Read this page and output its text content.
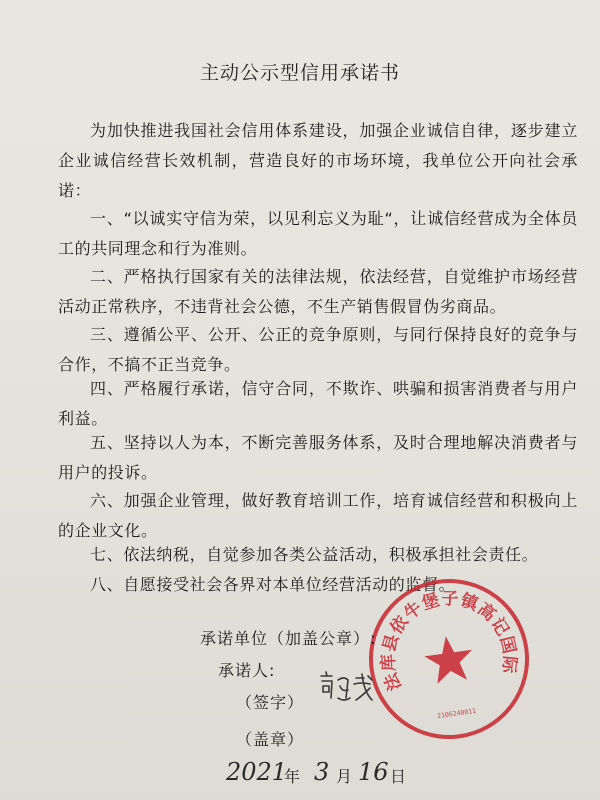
主动公示型信用承诺书

为加快推进我国社会信用体系建设，加强企业诚信自律，逐步建立企业诚信经营长效机制，营造良好的市场环境，我单位公开向社会承诺：

一、“以诚实守信为荣，以见利忘义为耻“，让诚信经营成为全体员工的共同理念和行为准则。

二、严格执行国家有关的法律法规，依法经营，自觉维护市场经营活动正常秩序，不违背社会公德，不生产销售假冒伪劣商品。

三、遵循公平、公开、公正的竞争原则，与同行保持良好的竞争与合作，不搞不正当竞争。

四、严格履行承诺，信守合同，不欺诈、哄骗和损害消费者与用户利益。

五、坚持以人为本，不断完善服务体系，及时合理地解决消费者与用户的投诉。

六、加强企业管理，做好教育培训工作，培育诚信经营和积极向上的企业文化。

七、依法纳税，自觉参加各类公益活动，积极承担社会责任。

八、自愿接受社会各界对本单位经营活动的监督。

辽宁省法库县依牛堡子镇高记国际旅行社
2106240011
承诺单位（加盖公章）:
承诺人:
（签字）
（盖章）
2021
年 3 月 16 日
